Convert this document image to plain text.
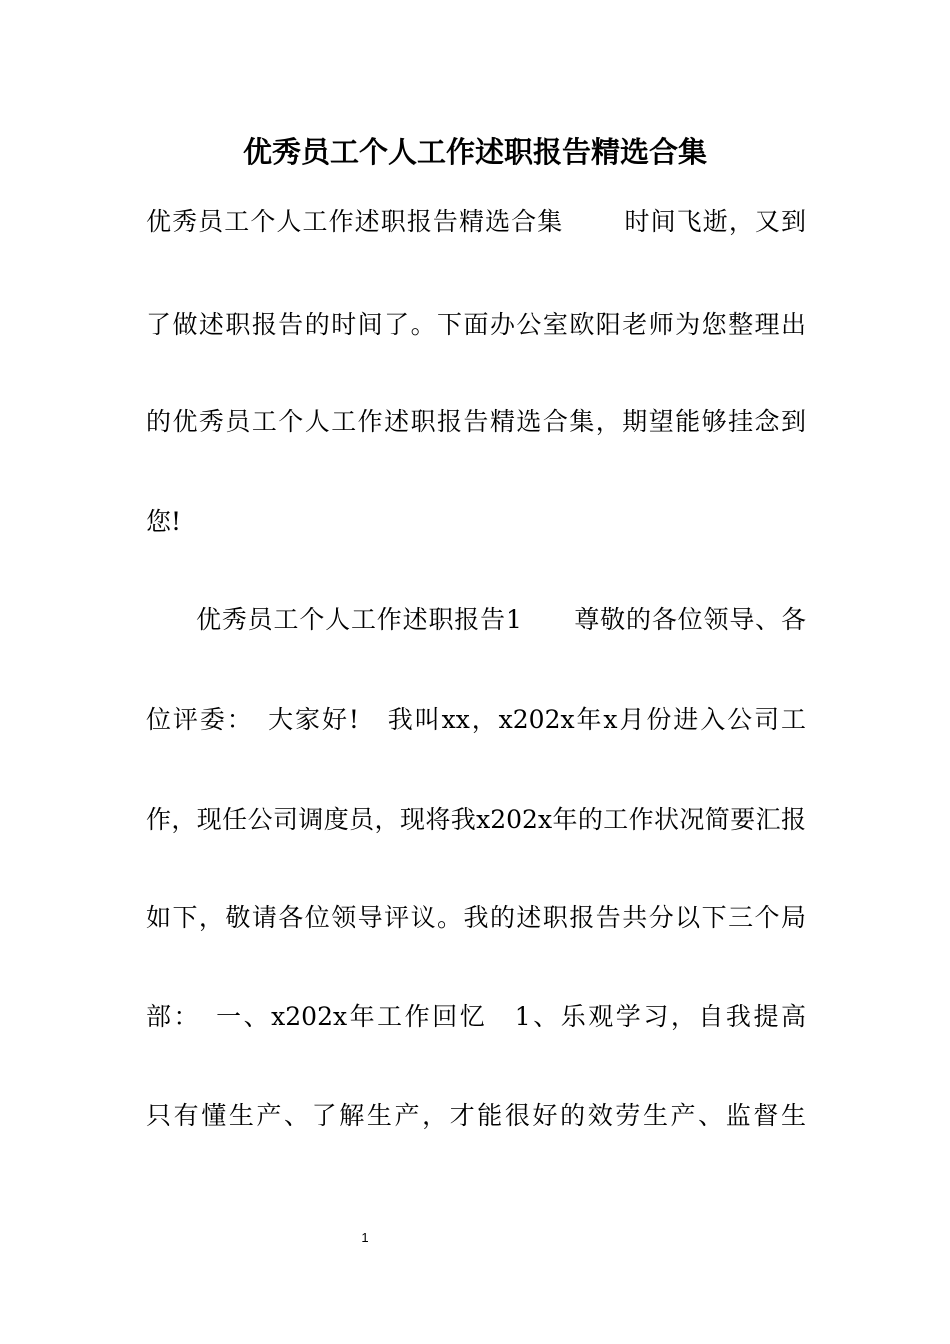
优秀员工个人工作述职报告精选合集
优秀员工个人工作述职报告精选合集　　 时间飞逝，又到
了做述职报告的时间了。下面办公室欧阳老师为您整理出
的优秀员工个人工作述职报告精选合集，期望能够挂念到
您!
优秀员工个人工作述职报告1　　尊敬的各位领导、各
位评委：　大家好!　我叫xx，x202x年x月份进入公司工
作，现任公司调度员，现将我x202x年的工作状况简要汇报
如下，敬请各位领导评议。我的述职报告共分以下三个局
部：　一、x202x年工作回忆　1、乐观学习，自我提高
只有懂生产、了解生产，才能很好的效劳生产、监督生
1
